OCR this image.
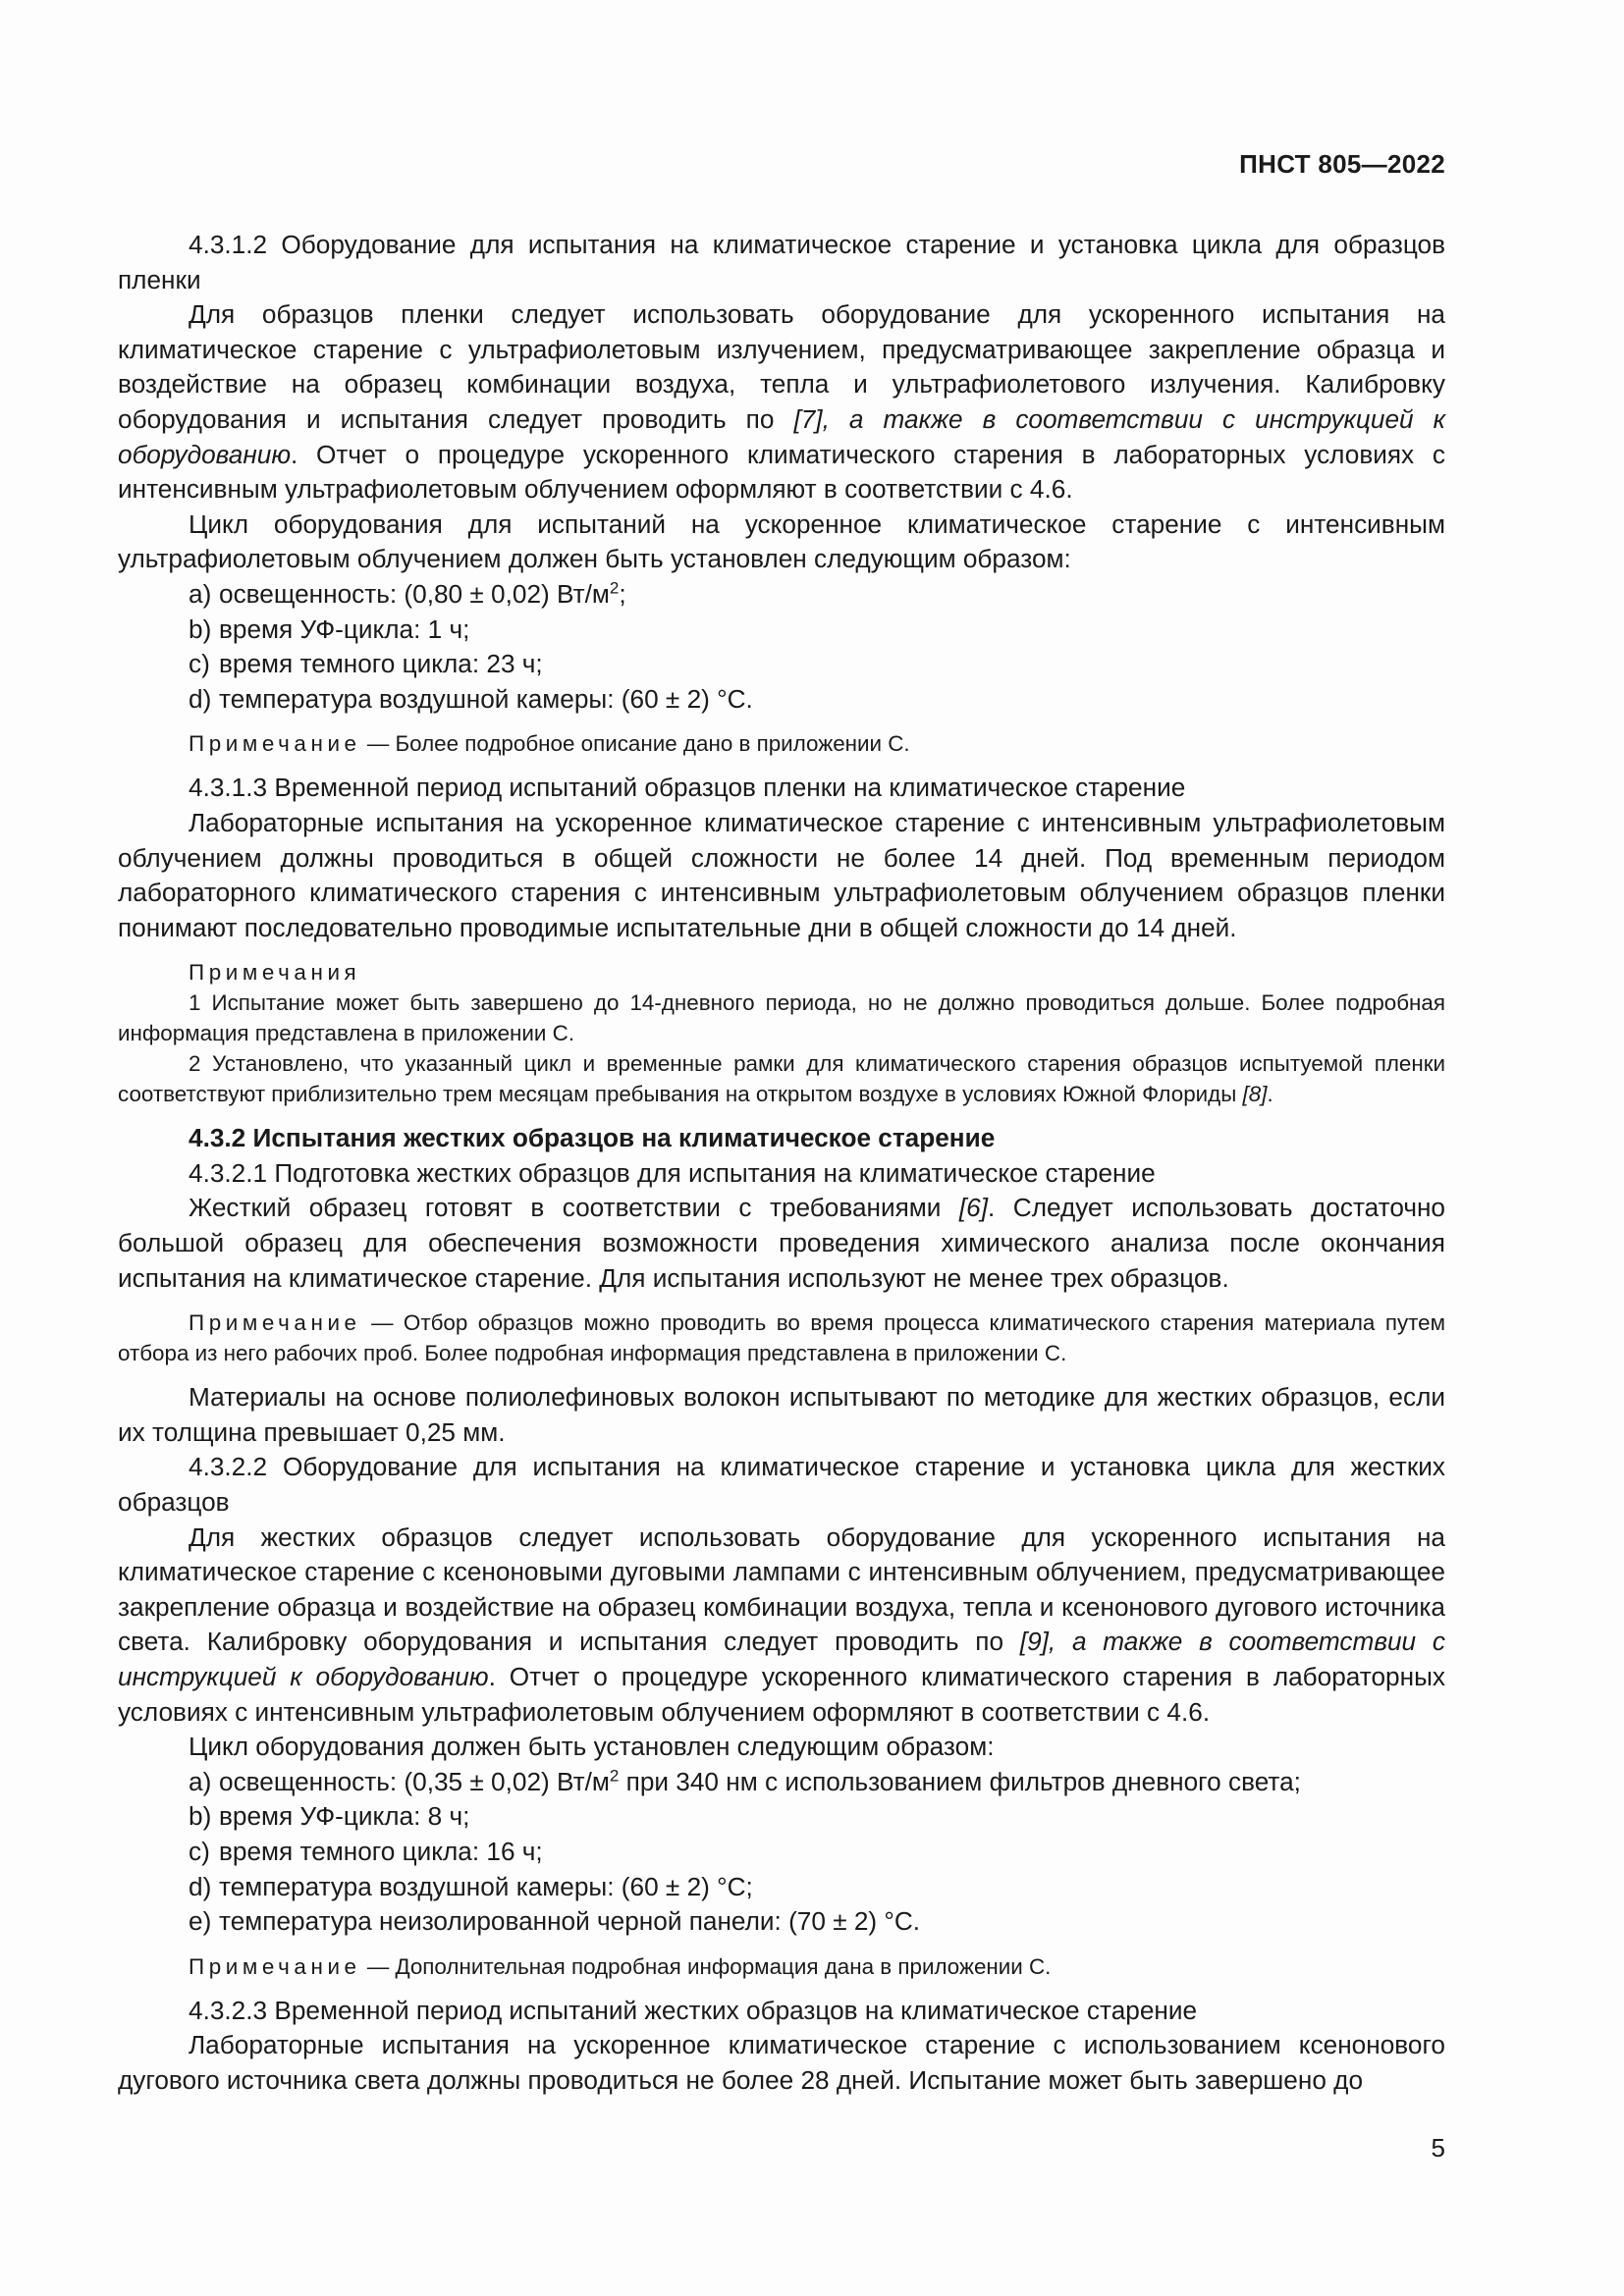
ПНСТ 805—2022

4.3.1.2 Оборудование для испытания на климатическое старение и установка цикла для образцов пленки

Для образцов пленки следует использовать оборудование для ускоренного испытания на климатическое старение с ультрафиолетовым излучением, предусматривающее закрепление образца и воздействие на образец комбинации воздуха, тепла и ультрафиолетового излучения. Калибровку оборудования и испытания следует проводить по [7], а также в соответствии с инструкцией к оборудованию. Отчет о процедуре ускоренного климатического старения в лабораторных условиях с интенсивным ультрафиолетовым облучением оформляют в соответствии с 4.6.

Цикл оборудования для испытаний на ускоренное климатическое старение с интенсивным ультрафиолетовым облучением должен быть установлен следующим образом:

a) освещенность: (0,80 ± 0,02) $Вт/м^2$;
b) время УФ-цикла: 1 ч;
c) время темного цикла: 23 ч;
d) температура воздушной камеры: (60 ± 2) °С.

Примечание — Более подробное описание дано в приложении С.

4.3.1.3 Временной период испытаний образцов пленки на климатическое старение

Лабораторные испытания на ускоренное климатическое старение с интенсивным ультрафиолетовым облучением должны проводиться в общей сложности не более 14 дней. Под временным периодом лабораторного климатического старения с интенсивным ультрафиолетовым облучением образцов пленки понимают последовательно проводимые испытательные дни в общей сложности до 14 дней.

Примечания

1 Испытание может быть завершено до 14-дневного периода, но не должно проводиться дольше. Более подробная информация представлена в приложении С.

2 Установлено, что указанный цикл и временные рамки для климатического старения образцов испытуемой пленки соответствуют приблизительно трем месяцам пребывания на открытом воздухе в условиях Южной Флориды [8].

4.3.2 Испытания жестких образцов на климатическое старение

4.3.2.1 Подготовка жестких образцов для испытания на климатическое старение

Жесткий образец готовят в соответствии с требованиями [6]. Следует использовать достаточно большой образец для обеспечения возможности проведения химического анализа после окончания испытания на климатическое старение. Для испытания используют не менее трех образцов.

Примечание — Отбор образцов можно проводить во время процесса климатического старения материала путем отбора из него рабочих проб. Более подробная информация представлена в приложении С.

Материалы на основе полиолефиновых волокон испытывают по методике для жестких образцов, если их толщина превышает 0,25 мм.

4.3.2.2 Оборудование для испытания на климатическое старение и установка цикла для жестких образцов

Для жестких образцов следует использовать оборудование для ускоренного испытания на климатическое старение с ксеноновыми дуговыми лампами с интенсивным облучением, предусматривающее закрепление образца и воздействие на образец комбинации воздуха, тепла и ксенонового дугового источника света. Калибровку оборудования и испытания следует проводить по [9], а также в соответствии с инструкцией к оборудованию. Отчет о процедуре ускоренного климатического старения в лабораторных условиях с интенсивным ультрафиолетовым облучением оформляют в соответствии с 4.6.

Цикл оборудования должен быть установлен следующим образом:

a) освещенность: (0,35 ± 0,02) $Вт/м^2$ при 340 нм с использованием фильтров дневного света;
b) время УФ-цикла: 8 ч;
c) время темного цикла: 16 ч;
d) температура воздушной камеры: (60 ± 2) °С;
e) температура неизолированной черной панели: (70 ± 2) °С.

Примечание — Дополнительная подробная информация дана в приложении С.

4.3.2.3 Временной период испытаний жестких образцов на климатическое старение

Лабораторные испытания на ускоренное климатическое старение с использованием ксенонового дугового источника света должны проводиться не более 28 дней. Испытание может быть завершено до

5
